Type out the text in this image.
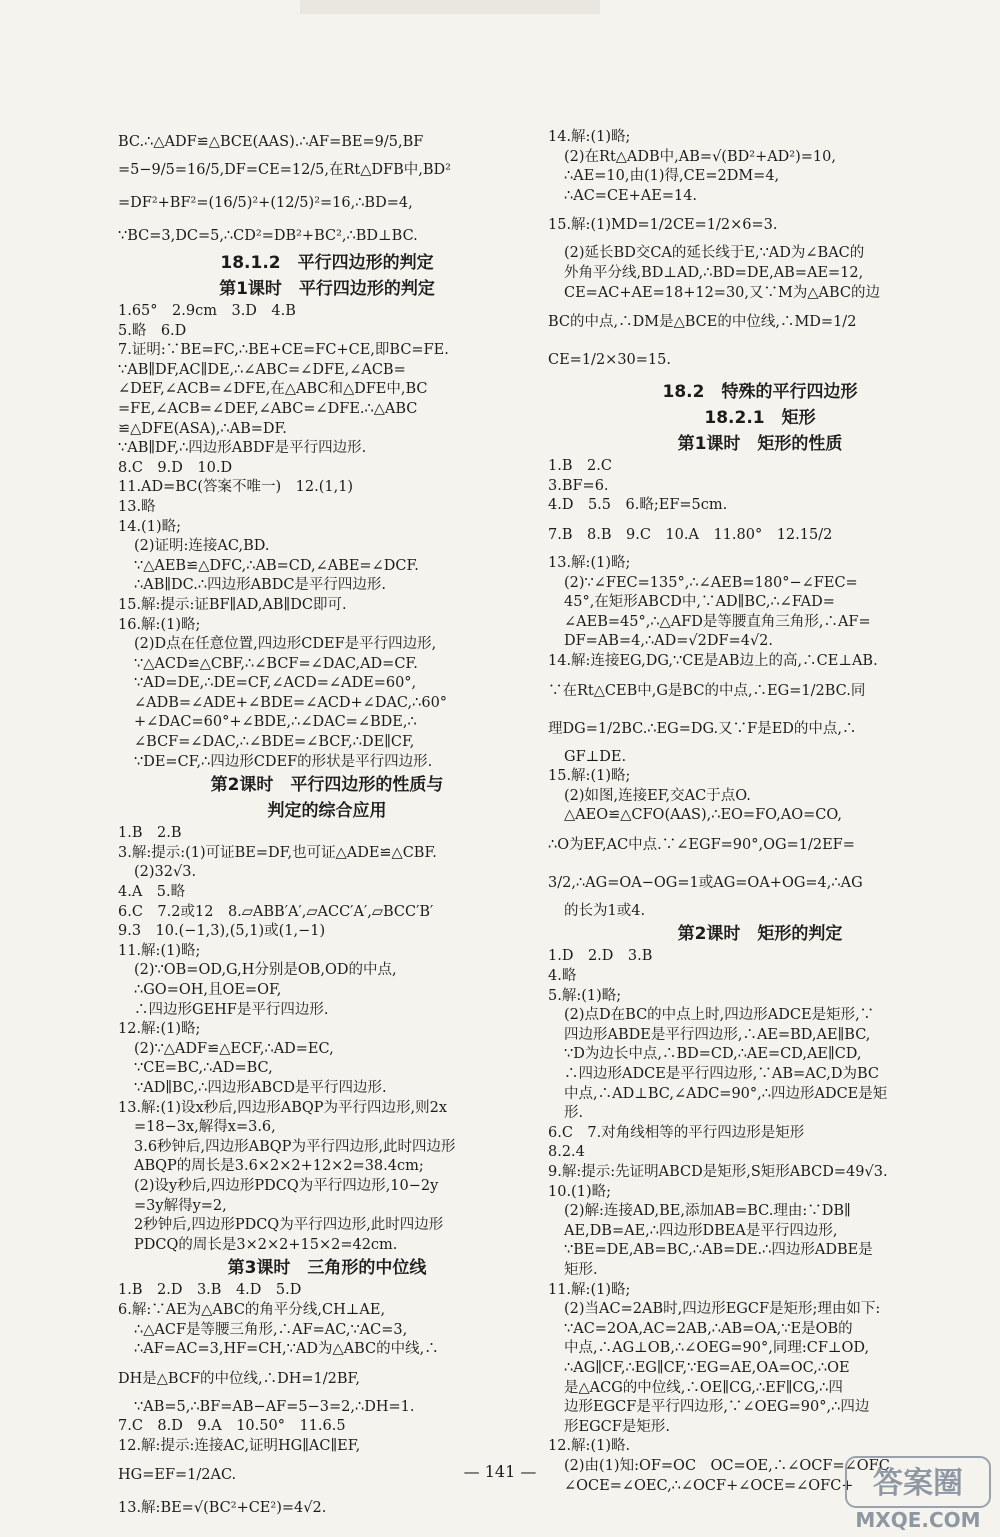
BC.∴△ADF≌△BCE(AAS).∴AF=BE=9/5,BF
=5−9/5=16/5,DF=CE=12/5,在Rt△DFB中,BD²
=DF²+BF²=(16/5)²+(12/5)²=16,∴BD=4,
∵BC=3,DC=5,∴CD²=DB²+BC²,∴BD⊥BC.
18.1.2　平行四边形的判定
第1课时　平行四边形的判定
1.65°　2.9cm　3.D　4.B
5.略　6.D
7.证明:∵BE=FC,∴BE+CE=FC+CE,即BC=FE.
∵AB∥DF,AC∥DE,∴∠ABC=∠DFE,∠ACB=
∠DEF,∠ACB=∠DFE,在△ABC和△DFE中,BC
=FE,∠ACB=∠DEF,∠ABC=∠DFE.∴△ABC
≌△DFE(ASA),∴AB=DF.
∵AB∥DF,∴四边形ABDF是平行四边形.
8.C　9.D　10.D
11.AD=BC(答案不唯一)　12.(1,1)
13.略
14.(1)略;
(2)证明:连接AC,BD.
∵△AEB≌△DFC,∴AB=CD,∠ABE=∠DCF.
∴AB∥DC.∴四边形ABDC是平行四边形.
15.解:提示:证BF∥AD,AB∥DC即可.
16.解:(1)略;
(2)D点在任意位置,四边形CDEF是平行四边形,
∵△ACD≌△CBF,∴∠BCF=∠DAC,AD=CF.
∵AD=DE,∴DE=CF,∠ACD=∠ADE=60°,
∠ADB=∠ADE+∠BDE=∠ACD+∠DAC,∴60°
+∠DAC=60°+∠BDE,∴∠DAC=∠BDE,∴
∠BCF=∠DAC,∴∠BDE=∠BCF,∴DE∥CF,
∵DE=CF,∴四边形CDEF的形状是平行四边形.
第2课时　平行四边形的性质与
判定的综合应用
1.B　2.B
3.解:提示:(1)可证BE=DF,也可证△ADE≌△CBF.
(2)32√3.
4.A　5.略
6.C　7.2或12　8.▱ABB′A′,▱ACC′A′,▱BCC′B′
9.3　10.(−1,3),(5,1)或(1,−1)
11.解:(1)略;
(2)∵OB=OD,G,H分别是OB,OD的中点,
∴GO=OH,且OE=OF,
∴四边形GEHF是平行四边形.
12.解:(1)略;
(2)∵△ADF≌△ECF,∴AD=EC,
∵CE=BC,∴AD=BC,
∵AD∥BC,∴四边形ABCD是平行四边形.
13.解:(1)设x秒后,四边形ABQP为平行四边形,则2x
=18−3x,解得x=3.6,
3.6秒钟后,四边形ABQP为平行四边形,此时四边形
ABQP的周长是3.6×2×2+12×2=38.4cm;
(2)设y秒后,四边形PDCQ为平行四边形,10−2y
=3y解得y=2,
2秒钟后,四边形PDCQ为平行四边形,此时四边形
PDCQ的周长是3×2×2+15×2=42cm.
第3课时　三角形的中位线
1.B　2.D　3.B　4.D　5.D
6.解:∵AE为△ABC的角平分线,CH⊥AE,
∴△ACF是等腰三角形,∴AF=AC,∵AC=3,
∴AF=AC=3,HF=CH,∵AD为△ABC的中线,∴
DH是△BCF的中位线,∴DH=1/2BF,
∵AB=5,∴BF=AB−AF=5−3=2,∴DH=1.
7.C　8.D　9.A　10.50°　11.6.5
12.解:提示:连接AC,证明HG∥AC∥EF,
HG=EF=1/2AC.
13.解:BE=√(BC²+CE²)=4√2.
14.解:(1)略;
(2)在Rt△ADB中,AB=√(BD²+AD²)=10,
∴AE=10,由(1)得,CE=2DM=4,
∴AC=CE+AE=14.
15.解:(1)MD=1/2CE=1/2×6=3.
(2)延长BD交CA的延长线于E,∵AD为∠BAC的
外角平分线,BD⊥AD,∴BD=DE,AB=AE=12,
CE=AC+AE=18+12=30,又∵M为△ABC的边
BC的中点,∴DM是△BCE的中位线,∴MD=1/2
CE=1/2×30=15.
18.2　特殊的平行四边形
18.2.1　矩形
第1课时　矩形的性质
1.B　2.C
3.BF=6.
4.D　5.5　6.略;EF=5cm.
7.B　8.B　9.C　10.A　11.80°　12.15/2
13.解:(1)略;
(2)∵∠FEC=135°,∴∠AEB=180°−∠FEC=
45°,在矩形ABCD中,∵AD∥BC,∴∠FAD=
∠AEB=45°,∴△AFD是等腰直角三角形,∴AF=
DF=AB=4,∴AD=√2DF=4√2.
14.解:连接EG,DG,∵CE是AB边上的高,∴CE⊥AB.
∵在Rt△CEB中,G是BC的中点,∴EG=1/2BC.同
理DG=1/2BC.∴EG=DG.又∵F是ED的中点,∴
GF⊥DE.
15.解:(1)略;
(2)如图,连接EF,交AC于点O.
△AEO≌△CFO(AAS),∴EO=FO,AO=CO,
∴O为EF,AC中点.∵∠EGF=90°,OG=1/2EF=
3/2,∴AG=OA−OG=1或AG=OA+OG=4,∴AG
的长为1或4.
第2课时　矩形的判定
1.D　2.D　3.B
4.略
5.解:(1)略;
(2)点D在BC的中点上时,四边形ADCE是矩形,∵
四边形ABDE是平行四边形,∴AE=BD,AE∥BC,
∵D为边长中点,∴BD=CD,∴AE=CD,AE∥CD,
∴四边形ADCE是平行四边形,∵AB=AC,D为BC
中点,∴AD⊥BC,∠ADC=90°,∴四边形ADCE是矩
形.
6.C　7.对角线相等的平行四边形是矩形
8.2.4
9.解:提示:先证明ABCD是矩形,S矩形ABCD=49√3.
10.(1)略;
(2)解:连接AD,BE,添加AB=BC.理由:∵DB∥
AE,DB=AE,∴四边形DBEA是平行四边形,
∵BE=DE,AB=BC,∴AB=DE.∴四边形ADBE是
矩形.
11.解:(1)略;
(2)当AC=2AB时,四边形EGCF是矩形;理由如下:
∵AC=2OA,AC=2AB,∴AB=OA,∵E是OB的
中点,∴AG⊥OB,∴∠OEG=90°,同理:CF⊥OD,
∴AG∥CF,∴EG∥CF,∵EG=AE,OA=OC,∴OE
是△ACG的中位线,∴OE∥CG,∴EF∥CG,∴四
边形EGCF是平行四边形,∵∠OEG=90°,∴四边
形EGCF是矩形.
12.解:(1)略.
(2)由(1)知:OF=OC　OC=OE,∴∠OCF=∠OFC,
∠OCE=∠OEC,∴∠OCF+∠OCE=∠OFC+
— 141 —	答案圈
MXQE.COM
